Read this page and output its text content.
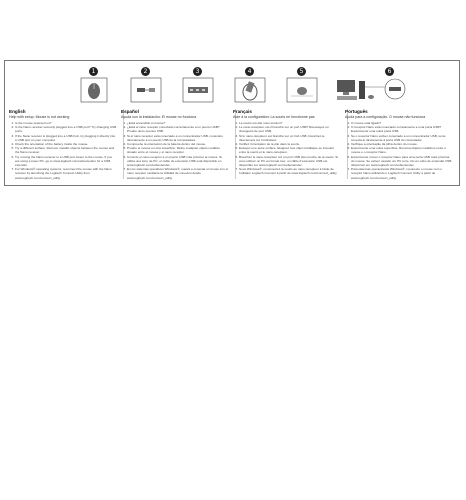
1	2	3	4	5	6
English
Help with setup: Mouse is not working
1. Is the mouse powered on?
2. Is the Nano receiver securely plugged into a USB port? Try changing USB ports.
3. If the Nano receiver is plugged into a USB hub, try plugging it directly into a USB port on your computer.
4. Check the orientation of the battery inside the mouse.
5. Try a different surface. Remove metallic objects between the mouse and the Nano receiver.
6. Try moving the Nano receiver to a USB port closer to the mouse. If you are using a tower PC, go to www.logitech.com/usbextender for a USB extender.
7. For Windows® operating systems, reconnect the mouse with the Nano receiver by launching the Logitech Connect Utility from www.logitech.com/connect_utility
Español
Ayuda con la instalación: El mouse no funciona
1. ¿Está encendido el mouse?
2. ¿Está el nano receptor conectado correctamente a un puerto USB? Pruebe otros puertos USB.
3. Si el nano receptor está conectado a un concentrador USB, conéctelo directamente a un puerto USB de la computadora.
4. Compruebe la orientación de la batería dentro del mouse.
5. Pruebe el mouse en otra superficie. Retire cualquier objeto metálico situado entre el mouse y el nano receptor.
6. Conecte el nano receptor a un puerto USB más próximo al mouse. Si utiliza una torre de PC, el cable de extensión USB está disponible en www.logitech.com/usbextender.
7. En los sistemas operativos Windows®, vuelva a conectar el mouse con el nano receptor mediante la Utilidad de conexión desde www.logitech.com/connect_utility
Français
Aide à la configuration: La souris ne fonctionne pas
1. La souris est-elle sous tension?
2. Le nano-récepteur est-il branché sur un port USB? Réessayez en changeant de port USB.
3. Si le nano-récepteur est branché sur un hub USB, branchez-le directement sur l'ordinateur.
4. Vérifiez l'orientation de la pile dans la souris.
5. Essayez une autre surface. Eloignez tout objet métallique se trouvant entre la souris et le nano-récepteur.
6. Branchez le nano-récepteur sur un port USB plus proche de la souris. Si vous utilisez un PC au format tour, un câble d'extension USB est disponible sur www.logitech.com/usbextender.
7. Sous Windows®, reconnectez la souris au nano-récepteur à l'aide de l'utilitaire Logitech Connect à partir de www.logitech.com/connect_utility
Português
Ajuda para a configuração: O mouse não funciona
1. O mouse está ligado?
2. O receptor Nano está conectado corretamente a uma porta USB? Experimente uma outra porta USB.
3. Se o receptor Nano estiver conectado a um concentrador USB, tente conectá-lo diretamente à porta USB do computador.
4. Verifique a orientação da pilha dentro do mouse.
5. Experimente uma outra superfície. Remova objetos metálicos entre o mouse e o receptor Nano.
6. Experimente mover o receptor Nano para uma porta USB mais próxima do mouse. Se estiver usando um PC torre, há um cabo de extensão USB disponível em www.logitech.com/usbextender.
7. Para sistemas operacionais Windows®, reconecte o mouse com o receptor Nano utilizando o Logitech Connect Utility a partir de www.logitech.com/connect_utility
